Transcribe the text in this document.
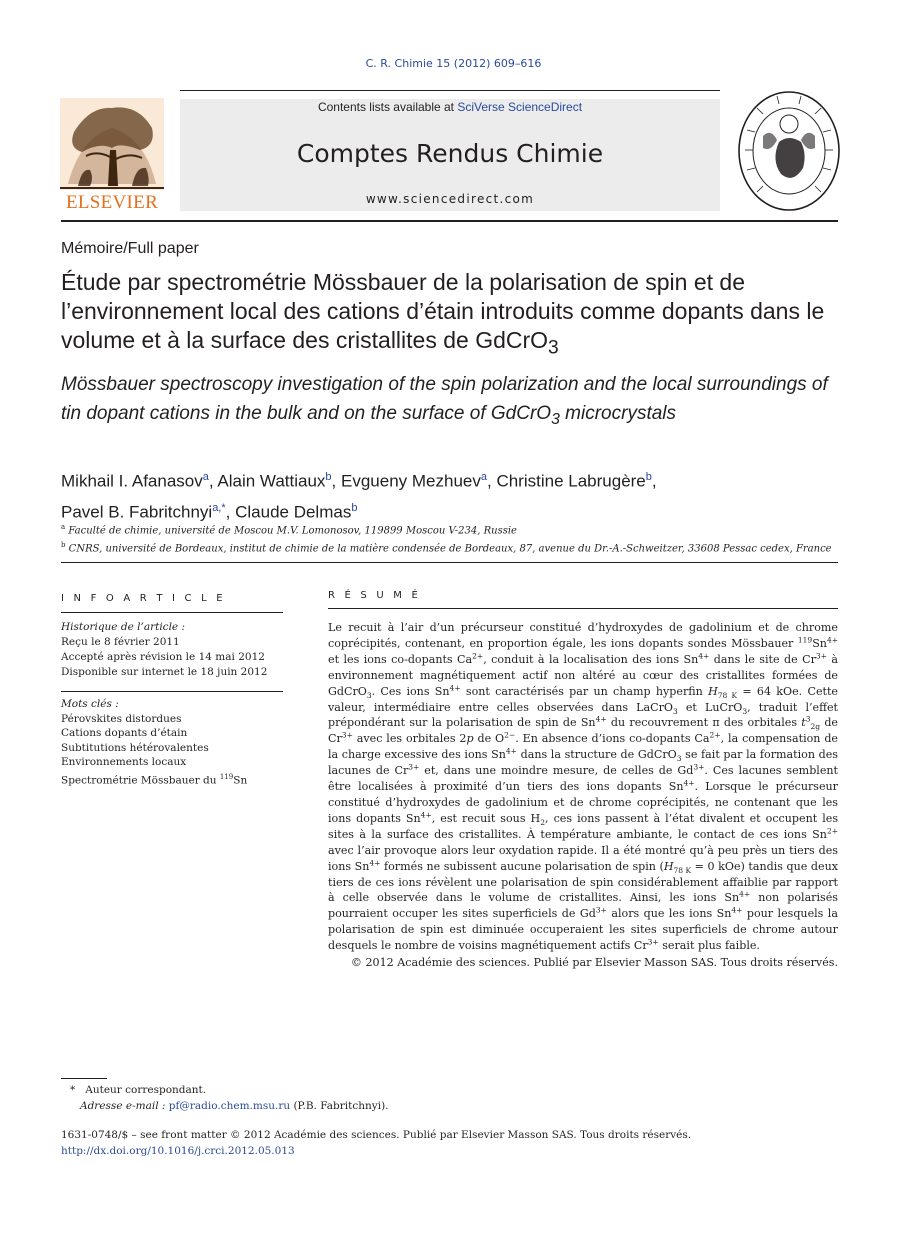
C. R. Chimie 15 (2012) 609–616
ELSEVIER
Contents lists available at SciVerse ScienceDirect
Comptes Rendus Chimie
www.sciencedirect.com
Mémoire/Full paper
Étude par spectrométrie Mössbauer de la polarisation de spin et de l’environnement local des cations d’étain introduits comme dopants dans le volume et à la surface des cristallites de GdCrO$_3$
Mössbauer spectroscopy investigation of the spin polarization and the local surroundings of tin dopant cations in the bulk and on the surface of GdCrO$_3$ microcrystals
Mikhail I. Afanasov$^a$, Alain Wattiaux$^b$, Evgueny Mezhuev$^a$, Christine Labrugère$^b$,
Pavel B. Fabritchnyi$^{a,*}$, Claude Delmas$^b$
$^a$ Faculté de chimie, université de Moscou M.V. Lomonosov, 119899 Moscou V-234, Russie
$^b$ CNRS, université de Bordeaux, institut de chimie de la matière condensée de Bordeaux, 87, avenue du Dr.-A.-Schweitzer, 33608 Pessac cedex, France
I N F O A R T I C L E
Historique de l’article :
Reçu le 8 février 2011
Accepté après révision le 14 mai 2012
Disponible sur internet le 18 juin 2012
Mots clés :
Pérovskites distordues
Cations dopants d’étain
Subtitutions hétérovalentes
Environnements locaux
Spectrométrie Mössbauer du $^{119}$Sn
R É S U M É
Le recuit à l’air d’un précurseur constitué d’hydroxydes de gadolinium et de chrome coprécipités, contenant, en proportion égale, les ions dopants sondes Mössbauer $^{119}Sn^{4+}$ et les ions co-dopants $Ca^{2+}$, conduit à la localisation des ions $Sn^{4+}$ dans le site de $Cr^{3+}$ à environnement magnétiquement actif non altéré au cœur des cristallites formées de GdCrO$_3$. Ces ions $Sn^{4+}$ sont caractérisés par un champ hyperfin $H_{78 K} = 64$ kOe. Cette valeur, intermédiaire entre celles observées dans LaCrO$_3$ et LuCrO$_3$, traduit l’effet prépondérant sur la polarisation de spin de $Sn^{4+}$ du recouvrement π des orbitales $t^3_{2g}$ de $Cr^{3+}$ avec les orbitales 2p de $O^{2-}$. En absence d’ions co-dopants $Ca^{2+}$, la compensation de la charge excessive des ions $Sn^{4+}$ dans la structure de GdCrO$_3$ se fait par la formation des lacunes de $Cr^{3+}$ et, dans une moindre mesure, de celles de $Gd^{3+}$. Ces lacunes semblent être localisées à proximité d’un tiers des ions dopants $Sn^{4+}$. Lorsque le précurseur constitué d’hydroxydes de gadolinium et de chrome coprécipités, ne contenant que les ions dopants $Sn^{4+}$, est recuit sous $H_2$, ces ions passent à l’état divalent et occupent les sites à la surface des cristallites. À température ambiante, le contact de ces ions $Sn^{2+}$ avec l’air provoque alors leur oxydation rapide. Il a été montré qu’à peu près un tiers des ions $Sn^{4+}$ formés ne subissent aucune polarisation de spin ($H_{78 K} = 0$ kOe) tandis que deux tiers de ces ions révèlent une polarisation de spin considérablement affaiblie par rapport à celle observée dans le volume de cristallites. Ainsi, les ions $Sn^{4+}$ non polarisés pourraient occuper les sites superficiels de $Gd^{3+}$ alors que les ions $Sn^{4+}$ pour lesquels la polarisation de spin est diminuée occuperaient les sites superficiels de chrome autour desquels le nombre de voisins magnétiquement actifs $Cr^{3+}$ serait plus faible.
© 2012 Académie des sciences. Publié par Elsevier Masson SAS. Tous droits réservés.
* Auteur correspondant.
Adresse e-mail : pf@radio.chem.msu.ru (P.B. Fabritchnyi).
1631-0748/$ – see front matter © 2012 Académie des sciences. Publié par Elsevier Masson SAS. Tous droits réservés.
http://dx.doi.org/10.1016/j.crci.2012.05.013
